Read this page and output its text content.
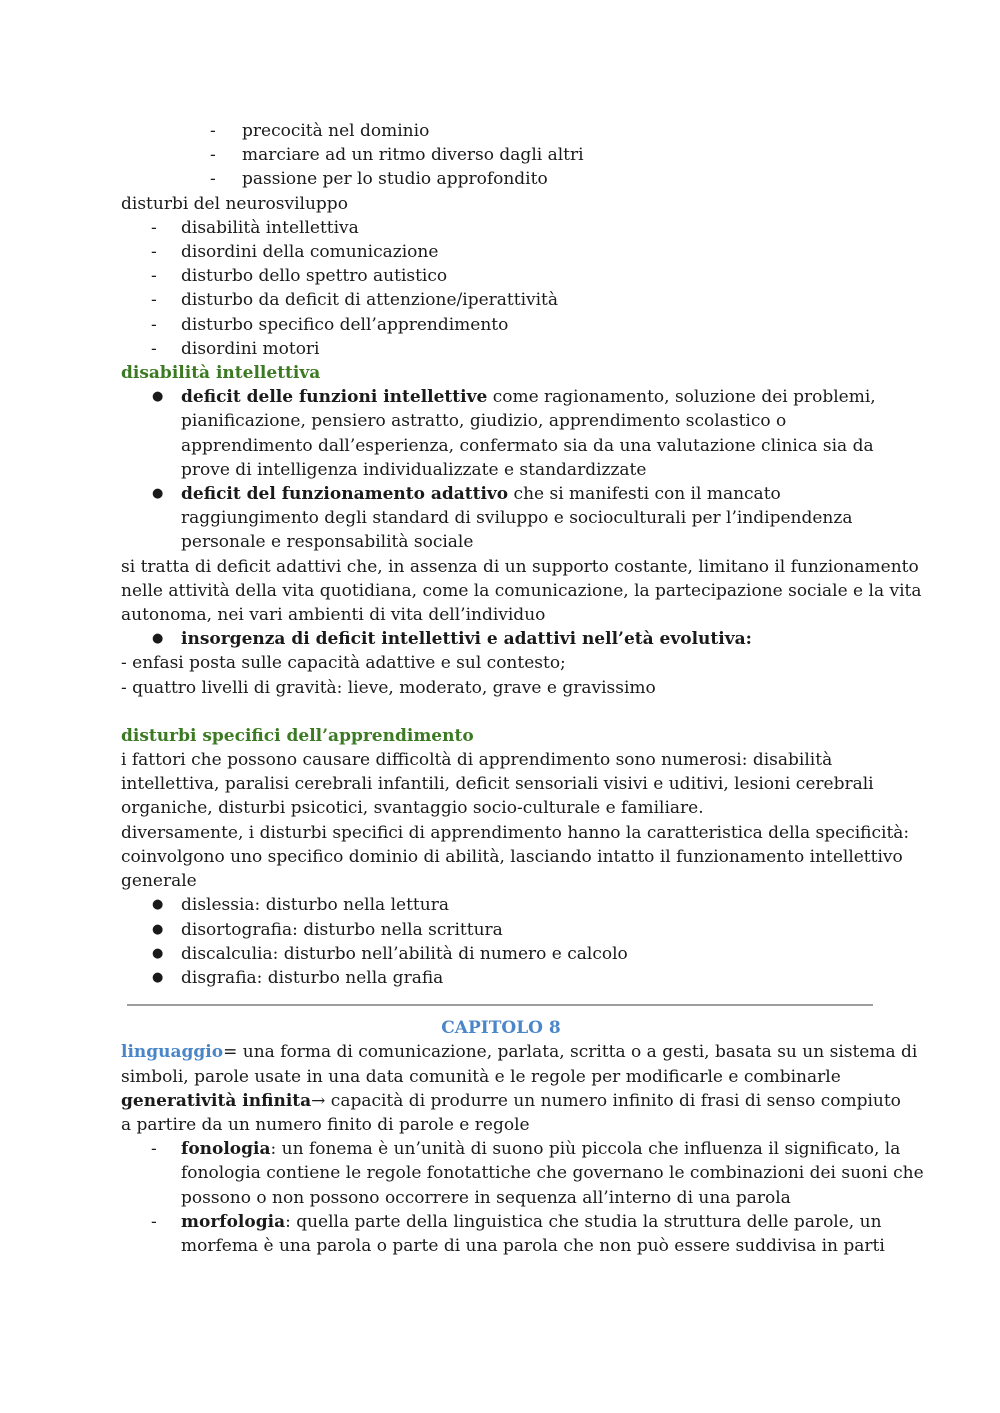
- precocità nel dominio
- marciare ad un ritmo diverso dagli altri
- passione per lo studio approfondito
disturbi del neurosviluppo
- disabilità intellettiva
- disordini della comunicazione
- disturbo dello spettro autistico
- disturbo da deficit di attenzione/iperattività
- disturbo specifico dell’apprendimento
- disordini motori
disabilità intellettiva
● deficit delle funzioni intellettive come ragionamento, soluzione dei problemi,
pianificazione, pensiero astratto, giudizio, apprendimento scolastico o
apprendimento dall’esperienza, confermato sia da una valutazione clinica sia da
prove di intelligenza individualizzate e standardizzate
● deficit del funzionamento adattivo che si manifesti con il mancato
raggiungimento degli standard di sviluppo e socioculturali per l’indipendenza
personale e responsabilità sociale
si tratta di deficit adattivi che, in assenza di un supporto costante, limitano il funzionamento
nelle attività della vita quotidiana, come la comunicazione, la partecipazione sociale e la vita
autonoma, nei vari ambienti di vita dell’individuo
● insorgenza di deficit intellettivi e adattivi nell’età evolutiva:
- enfasi posta sulle capacità adattive e sul contesto;
- quattro livelli di gravità: lieve, moderato, grave e gravissimo
disturbi specifici dell’apprendimento
i fattori che possono causare difficoltà di apprendimento sono numerosi: disabilità
intellettiva, paralisi cerebrali infantili, deficit sensoriali visivi e uditivi, lesioni cerebrali
organiche, disturbi psicotici, svantaggio socio-culturale e familiare.
diversamente, i disturbi specifici di apprendimento hanno la caratteristica della specificità:
coinvolgono uno specifico dominio di abilità, lasciando intatto il funzionamento intellettivo
generale
● dislessia: disturbo nella lettura
● disortografia: disturbo nella scrittura
● discalculia: disturbo nell’abilità di numero e calcolo
● disgrafia: disturbo nella grafia
CAPITOLO 8
linguaggio= una forma di comunicazione, parlata, scritta o a gesti, basata su un sistema di
simboli, parole usate in una data comunità e le regole per modificarle e combinarle
generatività infinita→ capacità di produrre un numero infinito di frasi di senso compiuto
a partire da un numero finito di parole e regole
- fonologia: un fonema è un’unità di suono più piccola che influenza il significato, la
fonologia contiene le regole fonotattiche che governano le combinazioni dei suoni che
possono o non possono occorrere in sequenza all’interno di una parola
- morfologia: quella parte della linguistica che studia la struttura delle parole, un
morfema è una parola o parte di una parola che non può essere suddivisa in parti
